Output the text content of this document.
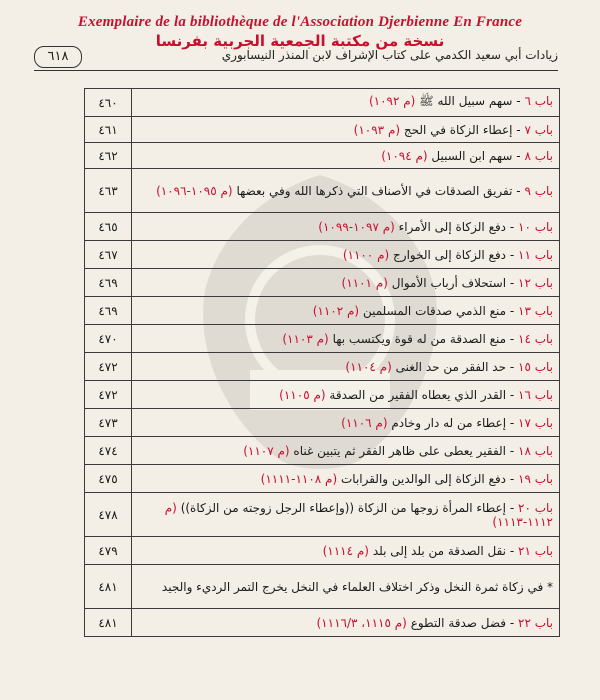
Exemplaire de la bibliothèque de l'Association Djerbienne En France
نسخة من مكتبة الجمعية الجربية بفرنسا
٦١٨	زيادات أبي سعيد الكدمي على كتاب الإشراف لابن المنذر النيسابوري
باب ٦ - سهم سبيل الله ﷺ (م ١٠٩٢)	٤٦٠
باب ٧ - إعطاء الزكاة في الحج (م ١٠٩٣)	٤٦١
باب ٨ - سهم ابن السبيل (م ١٠٩٤)	٤٦٢
باب ٩ - تفريق الصدقات في الأصناف التي ذكرها الله وفي بعضها (م ١٠٩٥-١٠٩٦)	٤٦٣
باب ١٠ - دفع الزكاة إلى الأمراء (م ١٠٩٧-١٠٩٩)	٤٦٥
باب ١١ - دفع الزكاة إلى الخوارج (م ١١٠٠)	٤٦٧
باب ١٢ - استحلاف أرباب الأموال (م ١١٠١)	٤٦٩
باب ١٣ - منع الذمي صدقات المسلمين (م ١١٠٢)	٤٦٩
باب ١٤ - منع الصدقة من له قوة ويكتسب بها (م ١١٠٣)	٤٧٠
باب ١٥ - حد الفقر من حد الغنى (م ١١٠٤)	٤٧٢
باب ١٦ - القدر الذي يعطاه الفقير من الصدقة (م ١١٠٥)	٤٧٢
باب ١٧ - إعطاء من له دار وخادم (م ١١٠٦)	٤٧٣
باب ١٨ - الفقير يعطى على ظاهر الفقر ثم يتبين غناه (م ١١٠٧)	٤٧٤
باب ١٩ - دفع الزكاة إلى الوالدين والقرابات (م ١١٠٨-١١١١)	٤٧٥
باب ٢٠ - إعطاء المرأة زوجها من الزكاة ((وإعطاء الرجل زوجته من الزكاة)) (م ١١١٢-١١١٣)	٤٧٨
باب ٢١ - نقل الصدقة من بلد إلى بلد (م ١١١٤)	٤٧٩
* في زكاة ثمرة النخل وذكر اختلاف العلماء في النخل يخرج التمر الرديء والجيد	٤٨١
باب ٢٢ - فضل صدقة التطوع (م ١١١٥، ١١١٦/٣)	٤٨١
